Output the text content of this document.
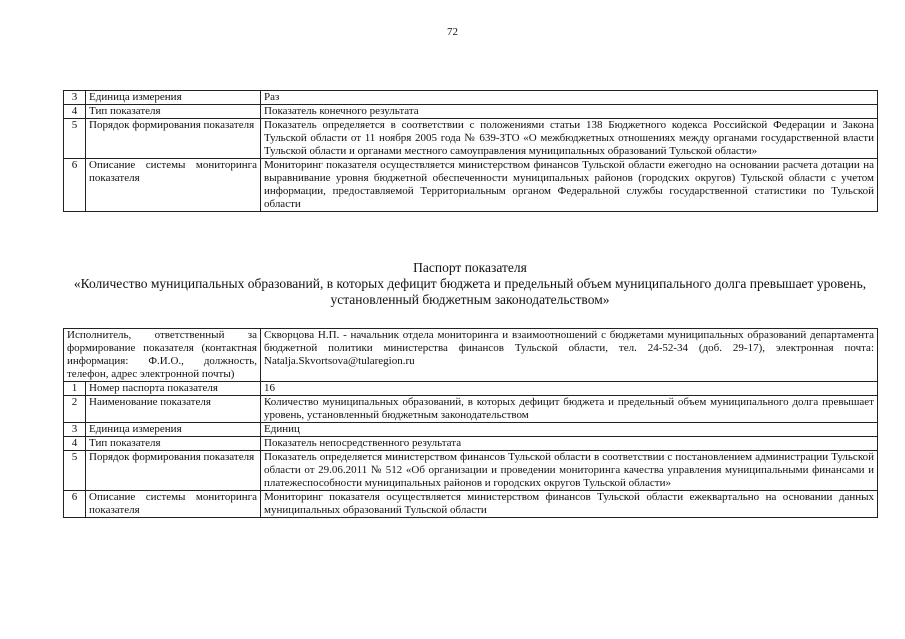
72
3	Единица измерения	Раз
4	Тип показателя	Показатель конечного результата
5	Порядок формирования показателя	Показатель определяется в соответствии с положениями статьи 138 Бюджетного кодекса Российской Федерации и Закона Тульской области от 11 ноября 2005 года № 639-ЗТО «О межбюджетных отношениях между органами государственной власти Тульской области и органами местного самоуправления муниципальных образований Тульской области»
6	Описание системы мониторинга показателя	Мониторинг показателя осуществляется министерством финансов Тульской области ежегодно на основании расчета дотации на выравнивание уровня бюджетной обеспеченности муниципальных районов (городских округов) Тульской области с учетом информации, предоставляемой Территориальным органом Федеральной службы государственной статистики по Тульской области
Паспорт показателя
«Количество муниципальных образований, в которых дефицит бюджета и предельный объем муниципального долга превышает уровень, установленный бюджетным законодательством»
Исполнитель, ответственный за формирование показателя (контактная информация: Ф.И.О., должность, телефон, адрес электронной почты)		Скворцова Н.П. - начальник отдела мониторинга и взаимоотношений с бюджетами муниципальных образований департамента бюджетной политики министерства финансов Тульской области, тел. 24-52-34 (доб. 29-17), электронная почта: Natalja.Skvortsova@tularegion.ru
1	Номер паспорта показателя	16
2	Наименование показателя	Количество муниципальных образований, в которых дефицит бюджета и предельный объем муниципального долга превышает уровень, установленный бюджетным законодательством
3	Единица измерения	Единиц
4	Тип показателя	Показатель непосредственного результата
5	Порядок формирования показателя	Показатель определяется министерством финансов Тульской области в соответствии с постановлением администрации Тульской области от 29.06.2011 № 512 «Об организации и проведении мониторинга качества управления муниципальными финансами и платежеспособности муниципальных районов и городских округов Тульской области»
6	Описание системы мониторинга показателя	Мониторинг показателя осуществляется министерством финансов Тульской области ежеквартально на основании данных муниципальных образований Тульской области
